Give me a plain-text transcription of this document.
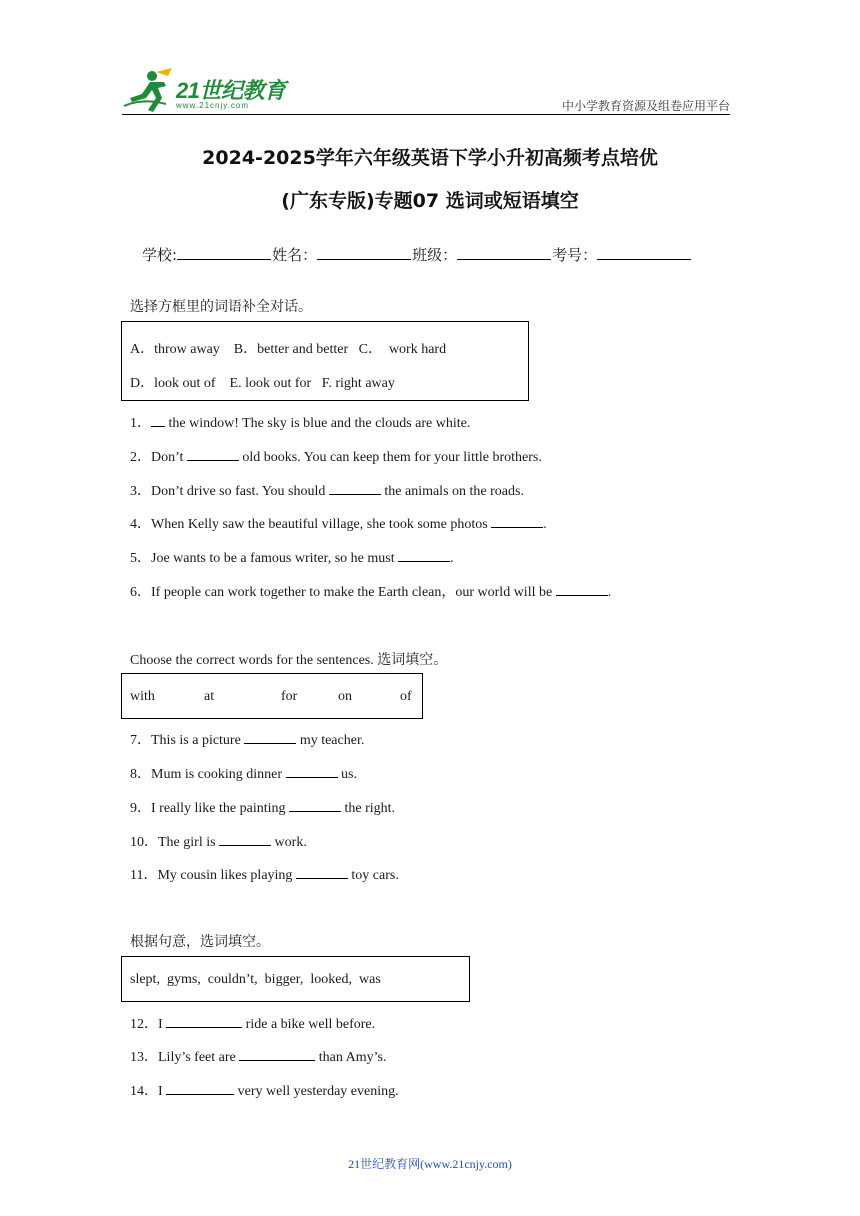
21世纪教育
www.21cnjy.com	中小学教育资源及组卷应用平台
2024-2025学年六年级英语下学小升初高频考点培优
(广东专版)专题07 选词或短语填空
学校:	姓名：	班级：	考号：
选择方框里的词语补全对话。
A．throw away    B．better and better   C．  work hard
D．look out of    E. look out for   F. right away
1． the window! The sky is blue and the clouds are white.
2．Don’t	old books. You can keep them for your little brothers.
3．Don’t drive so fast. You should	the animals on the roads.
4．When Kelly saw the beautiful village, she took some photos	.
5．Joe wants to be a famous writer, so he must	.
6．If people can work together to make the Earth clean，our world will be	.
Choose the correct words for the sentences. 选词填空。
with	at	for	on	of
7．This is a picture	my teacher.
8．Mum is cooking dinner	us.
9．I really like the painting	the right.
10．The girl is	work.
11．My cousin likes playing	toy cars.
根据句意，选词填空。
slept,  gyms,  couldn’t,  bigger,  looked,  was
12．I	ride a bike well before.
13．Lily’s feet are	than Amy’s.
14．I	very well yesterday evening.
21世纪教育网(www.21cnjy.com)
